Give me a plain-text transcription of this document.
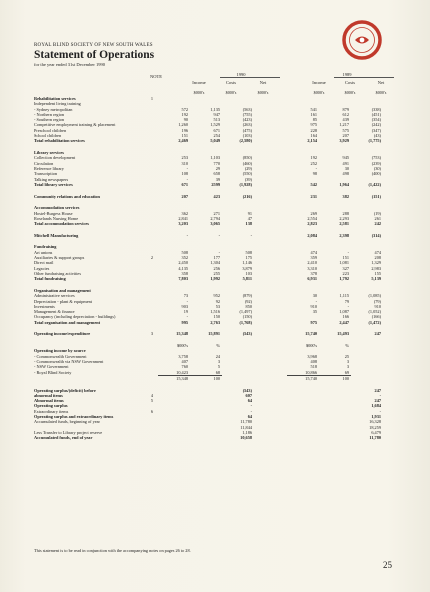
ROYAL BLIND SOCIETY OF NEW SOUTH WALES
Statement of Operations
for the year ended 31st December 1990
NOTE	1990	1989
Income	Costs	Net	Income	Costs	Net
$000's	$000's	$000's	$000's	$000's	$000's
Rehabilitation services	1							
Independent living training								
- Sydney metropolitan		572	1,135	(563)		541	879	(338)
- Northern region		192	947	(755)		161	612	(451)
- Southern region		90	513	(423)		85	439	(354)
Competitive employment training & placement		1,260	1,529	(263)		975	1,217	(242)
Preschool children		196	671	(475)		228	575	(347)
School children		151	254	(103)		164	207	(43)
Total rehabilitation services		2,469	5,049	(2,580)		2,154	3,929	(1,775)

Library services								
Collection development		253	1,103	(850)		192	945	(753)
Circulation		310	770	(460)		252	491	(239)
Reference library		-	29	(29)		-	30	(30)
Transcription		108	658	(550)		98	498	(400)
Talking newspapers		-	39	(39)				
Total library services		671	2599	(1,928)		542	1,964	(1,422)

Community relations and education		207	423	(216)		231	382	(151)

Accommodation services								
Hostel-Burgess House		362	271	91		269	288	(19)
Roselands Nursing Home		2,841	2,794	47		2,554	2,293	261
Total accommodation services		3,203	3,065	138		2,823	2,581	242

Mitchell Manufacturing		-	-	-		2,084	2,398	(314)

Fundraising								
Art unions		508	-	508		474	-	474
Auxiliaries & support groups	2	352	177	175		359	151	208
Direct mail		2,450	1,304	1,146		2,410	1,081	1,329
Legacies		4,135	256	3,879		3,310	327	2,983
Other fundraising activities		358	255	103		378	223	155
Total fundraising		7,803	1,992	5,811		6,931	1,792	5,139

Organisation and management								
Administrative services		73	952	(879)		30	1,115	(1,085)
Depreciation - plant & equipment		-	92	(92)		-	79	(79)
Investments		903	53	850		910	-	910
Management & finance		19	1,516	(1,497)		35	1,087	(1,052)
Occupancy (including depreciation - buildings)		-	150	(150)			166	(166)
Total organisation and management		995	2,763	(1,768)		975	2,447	(1,472)

Operating income/expenditure	3	15,348	15,891	(543)		15,740	15,493	247

		$000's	%			$000's	%	
Operating income by source								
- Commonwealth Government		3,758	24			3,968	25	
- Commonwealth via NSW Government		407	3			408	3	
- NSW Government		760	5			518	3	
- Royal Blind Society		10,423	68			10,866	69	
		15,348	100			15,740	100	

Operating surplus/(deficit) before				(543)				247
abnormal items	4			607				-
Abnormal items	5			64				247
Operating surplus				-				1,684
Extraordinary items	6			-				-
Operating surplus and extraordinary items				64				1,931
Accumulated funds, beginning of year				11,780				16,328
				11,844				18,259
Less Transfer to Library project reserve				1,186				6,479
Accumulated funds, end of year				10,658				11,780
This statement is to be read in conjunction with the accompanying notes on pages 26 to 28.
25
